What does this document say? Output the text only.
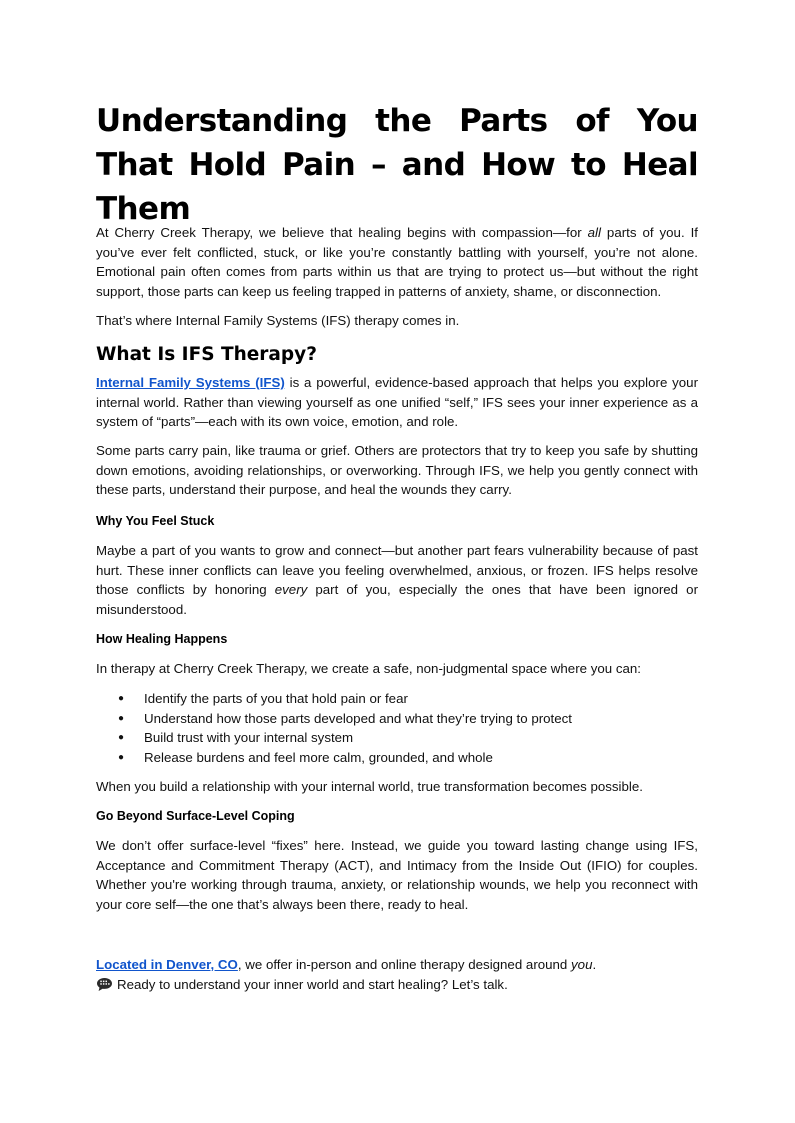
Understanding the Parts of You That Hold Pain – and How to Heal Them

At Cherry Creek Therapy, we believe that healing begins with compassion—for all parts of you. If you’ve ever felt conflicted, stuck, or like you’re constantly battling with yourself, you’re not alone. Emotional pain often comes from parts within us that are trying to protect us—but without the right support, those parts can keep us feeling trapped in patterns of anxiety, shame, or disconnection.

That’s where Internal Family Systems (IFS) therapy comes in.

What Is IFS Therapy?

Internal Family Systems (IFS) is a powerful, evidence-based approach that helps you explore your internal world. Rather than viewing yourself as one unified “self,” IFS sees your inner experience as a system of “parts”—each with its own voice, emotion, and role.

Some parts carry pain, like trauma or grief. Others are protectors that try to keep you safe by shutting down emotions, avoiding relationships, or overworking. Through IFS, we help you gently connect with these parts, understand their purpose, and heal the wounds they carry.

Why You Feel Stuck

Maybe a part of you wants to grow and connect—but another part fears vulnerability because of past hurt. These inner conflicts can leave you feeling overwhelmed, anxious, or frozen. IFS helps resolve those conflicts by honoring every part of you, especially the ones that have been ignored or misunderstood.

How Healing Happens

In therapy at Cherry Creek Therapy, we create a safe, non-judgmental space where you can:

● Identify the parts of you that hold pain or fear
● Understand how those parts developed and what they’re trying to protect
● Build trust with your internal system
● Release burdens and feel more calm, grounded, and whole

When you build a relationship with your internal world, true transformation becomes possible.

Go Beyond Surface-Level Coping

We don’t offer surface-level “fixes” here. Instead, we guide you toward lasting change using IFS, Acceptance and Commitment Therapy (ACT), and Intimacy from the Inside Out (IFIO) for couples. Whether you're working through trauma, anxiety, or relationship wounds, we help you reconnect with your core self—the one that’s always been there, ready to heal.

Located in Denver, CO, we offer in-person and online therapy designed around you.

Ready to understand your inner world and start healing? Let’s talk.
